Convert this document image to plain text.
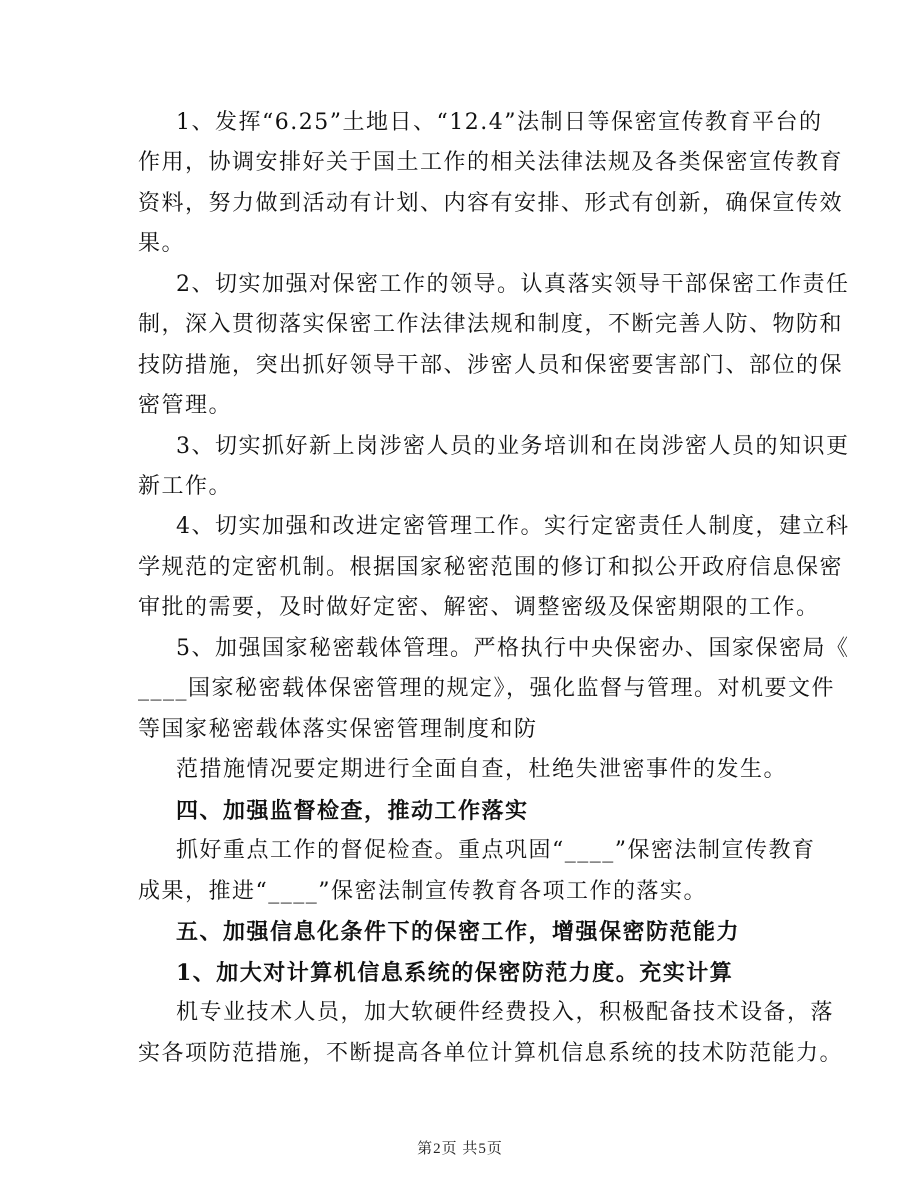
1、发挥“6.25”土地日、“12.4”法制日等保密宣传教育平台的
作用，协调安排好关于国土工作的相关法律法规及各类保密宣传教育
资料，努力做到活动有计划、内容有安排、形式有创新，确保宣传效
果。
2、切实加强对保密工作的领导。认真落实领导干部保密工作责任
制，深入贯彻落实保密工作法律法规和制度，不断完善人防、物防和
技防措施，突出抓好领导干部、涉密人员和保密要害部门、部位的保
密管理。
3、切实抓好新上岗涉密人员的业务培训和在岗涉密人员的知识更
新工作。
4、切实加强和改进定密管理工作。实行定密责任人制度，建立科
学规范的定密机制。根据国家秘密范围的修订和拟公开政府信息保密
审批的需要，及时做好定密、解密、调整密级及保密期限的工作。
5、加强国家秘密载体管理。严格执行中央保密办、国家保密局《
____国家秘密载体保密管理的规定》，强化监督与管理。对机要文件
等国家秘密载体落实保密管理制度和防
范措施情况要定期进行全面自查，杜绝失泄密事件的发生。
四、加强监督检查，推动工作落实
抓好重点工作的督促检查。重点巩固“____”保密法制宣传教育
成果，推进“____”保密法制宣传教育各项工作的落实。
五、加强信息化条件下的保密工作，增强保密防范能力
1、加大对计算机信息系统的保密防范力度。充实计算
机专业技术人员，加大软硬件经费投入，积极配备技术设备，落
实各项防范措施，不断提高各单位计算机信息系统的技术防范能力。
第2页 共5页
